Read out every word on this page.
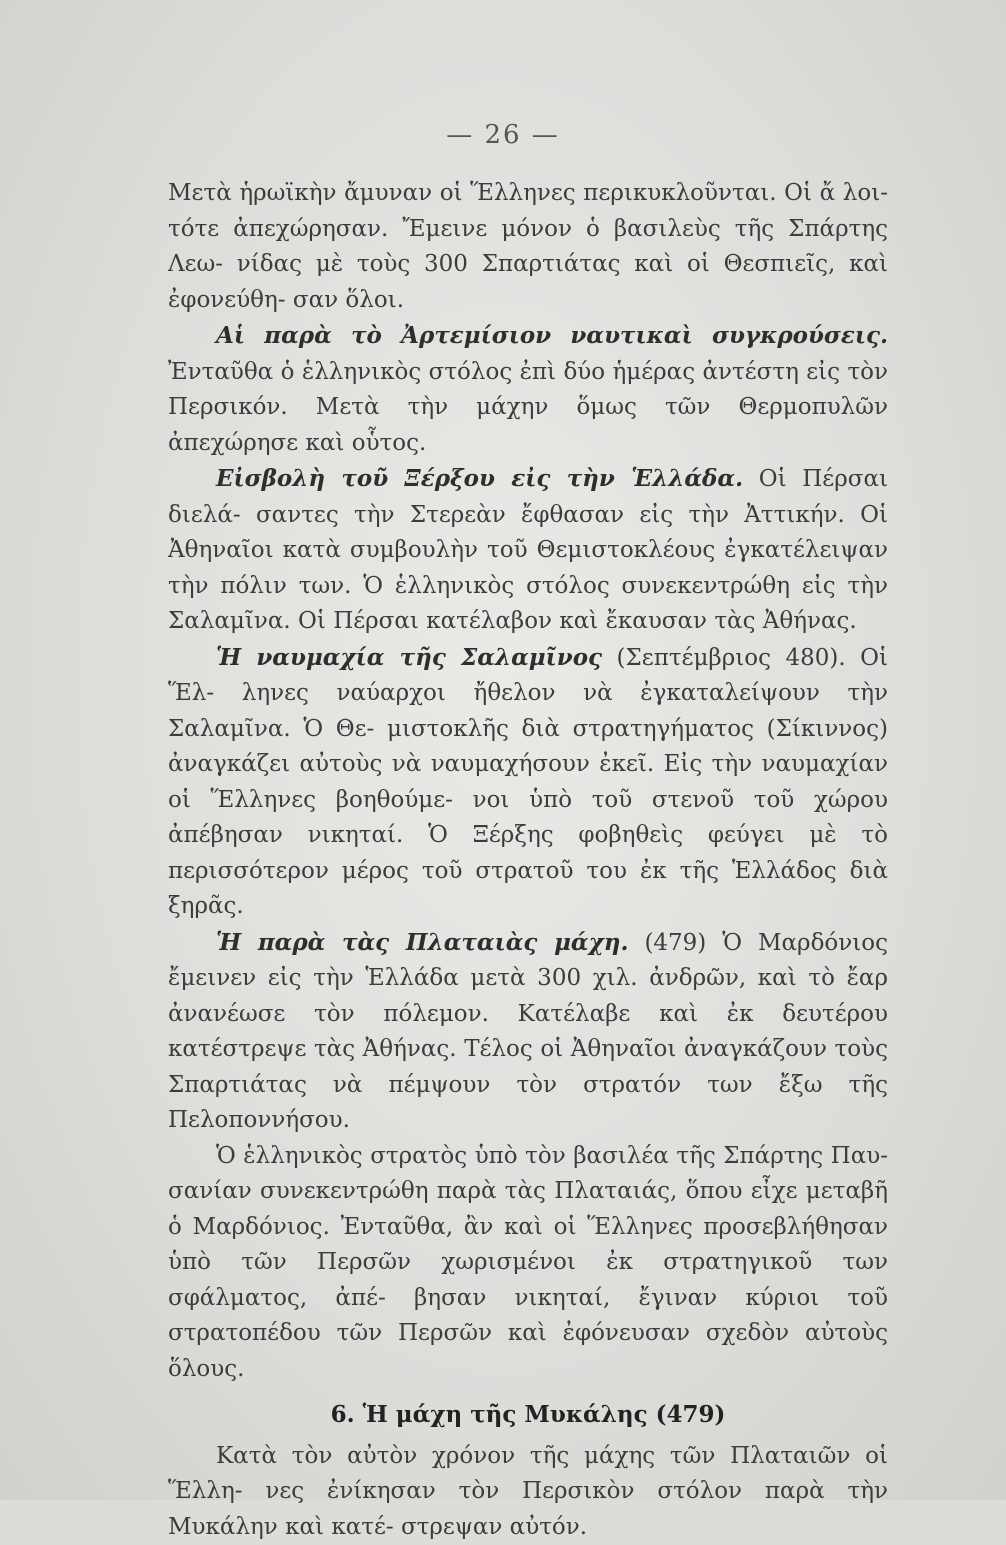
— 26 —

Μετὰ ἡρωϊκὴν ἄμυναν οἱ Ἕλληνες περικυκλοῦνται. Οἱ ἄ λοι- τότε ἀπεχώρησαν. Ἔμεινε μόνον ὁ βασιλεὺς τῆς Σπάρτης Λεω- νίδας μὲ τοὺς 300 Σπαρτιάτας καὶ οἱ Θεσπιεῖς, καὶ ἐφονεύθη- σαν ὅλοι.

Αἱ παρὰ τὸ Ἀρτεμίσιον ναυτικαὶ συγκρούσεις. Ἐνταῦθα ὁ ἑλληνικὸς στόλος ἐπὶ δύο ἡμέρας ἀντέστη εἰς τὸν Περσικόν. Μετὰ τὴν μάχην ὅμως τῶν Θερμοπυλῶν ἀπεχώρησε καὶ οὗτος.

Εἰσβολὴ τοῦ Ξέρξου εἰς τὴν Ἑλλάδα. Οἱ Πέρσαι διελά- σαντες τὴν Στερεὰν ἔφθασαν εἰς τὴν Ἀττικήν. Οἱ Ἀθηναῖοι κατὰ συμβουλὴν τοῦ Θεμιστοκλέους ἐγκατέλειψαν τὴν πόλιν των. Ὁ ἑλληνικὸς στόλος συνεκεντρώθη εἰς τὴν Σαλαμῖνα. Οἱ Πέρσαι κατέλαβον καὶ ἔκαυσαν τὰς Ἀθήνας.

Ἡ ναυμαχία τῆς Σαλαμῖνος (Σεπτέμβριος 480). Οἱ Ἕλ- ληνες ναύαρχοι ἤθελον νὰ ἐγκαταλείψουν τὴν Σαλαμῖνα. Ὁ Θε- μιστοκλῆς διὰ στρατηγήματος (Σίκιννος) ἀναγκάζει αὐτοὺς νὰ ναυμαχήσουν ἐκεῖ. Εἰς τὴν ναυμαχίαν οἱ Ἕλληνες βοηθούμε- νοι ὑπὸ τοῦ στενοῦ τοῦ χώρου ἀπέβησαν νικηταί. Ὁ Ξέρξης φοβηθεὶς φεύγει μὲ τὸ περισσότερον μέρος τοῦ στρατοῦ του ἐκ τῆς Ἑλλάδος διὰ ξηρᾶς.

Ἡ παρὰ τὰς Πλαταιὰς μάχη. (479) Ὁ Μαρδόνιος ἔμεινεν εἰς τὴν Ἑλλάδα μετὰ 300 χιλ. ἀνδρῶν, καὶ τὸ ἔαρ ἀνανέωσε τὸν πόλεμον. Κατέλαβε καὶ ἐκ δευτέρου κατέστρεψε τὰς Ἀθήνας. Τέλος οἱ Ἀθηναῖοι ἀναγκάζουν τοὺς Σπαρτιάτας νὰ πέμψουν τὸν στρατόν των ἔξω τῆς Πελοποννήσου.

Ὁ ἑλληνικὸς στρατὸς ὑπὸ τὸν βασιλέα τῆς Σπάρτης Παυ- σανίαν συνεκεντρώθη παρὰ τὰς Πλαταιάς, ὅπου εἶχε μεταβῆ ὁ Μαρδόνιος. Ἐνταῦθα, ἂν καὶ οἱ Ἕλληνες προσεβλήθησαν ὑπὸ τῶν Περσῶν χωρισμένοι ἐκ στρατηγικοῦ των σφάλματος, ἀπέ- βησαν νικηταί, ἔγιναν κύριοι τοῦ στρατοπέδου τῶν Περσῶν καὶ ἐφόνευσαν σχεδὸν αὐτοὺς ὅλους.

6. Ἡ μάχη τῆς Μυκάλης (479)

Κατὰ τὸν αὐτὸν χρόνον τῆς μάχης τῶν Πλαταιῶν οἱ Ἕλλη- νες ἐνίκησαν τὸν Περσικὸν στόλον παρὰ τὴν Μυκάλην καὶ κατέ- στρεψαν αὐτόν.
